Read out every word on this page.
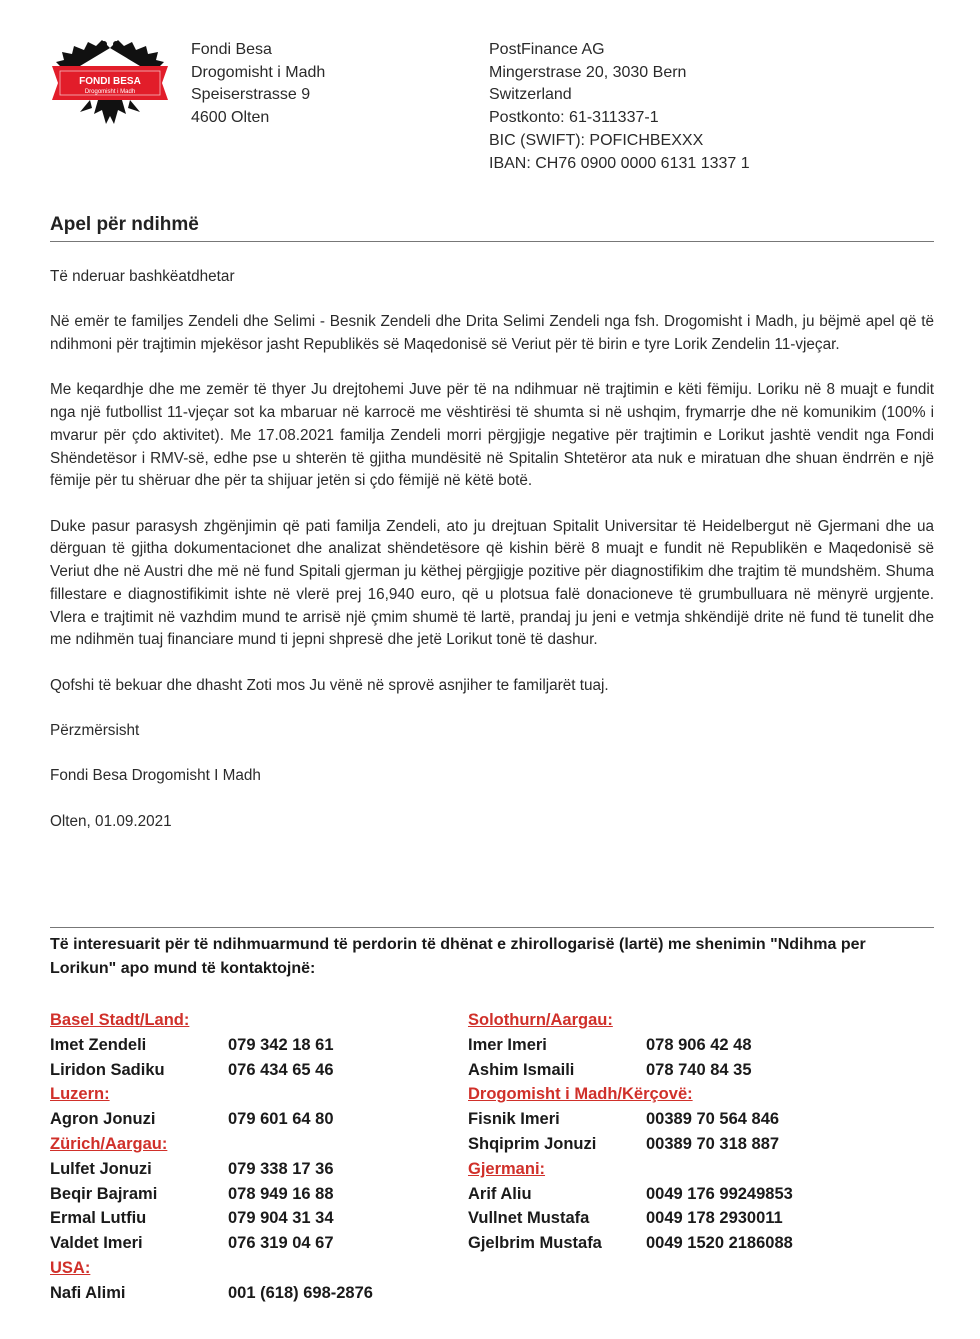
FONDI BESA
Drogomisht i Madh
Fondi Besa
Drogomisht i Madh
Speiserstrasse 9
4600 Olten
PostFinance AG
Mingerstrase 20, 3030 Bern
Switzerland
Postkonto: 61-311337-1
BIC (SWIFT): POFICHBEXXX
IBAN: CH76 0900 0000 6131 1337 1
Apel për ndihmë

Të nderuar bashkëatdhetar

Në emër te familjes Zendeli dhe Selimi - Besnik Zendeli dhe Drita Selimi Zendeli nga fsh. Drogomisht i Madh, ju bëjmë apel që të ndihmoni për trajtimin mjekësor jasht Republikës së Maqedonisë së Veriut për të birin e tyre Lorik Zendelin 11-vjeçar.

Me keqardhje dhe me zemër të thyer Ju drejtohemi Juve për të na ndihmuar në trajtimin e këti fëmiju. Loriku në 8 muajt e fundit nga një futbollist 11-vjeçar sot ka mbaruar në karrocë me vështirësi të shumta si në ushqim, frymarrje dhe në komunikim (100% i mvarur për çdo aktivitet). Me 17.08.2021 familja Zendeli morri përgjigje negative për trajtimin e Lorikut jashtë vendit nga Fondi Shëndetësor i RMV-së, edhe pse u shterën të gjitha mundësitë në Spitalin Shtetëror ata nuk e miratuan dhe shuan ëndrrën e një fëmije për tu shëruar dhe për ta shijuar jetën si çdo fëmijë në këtë botë.

Duke pasur parasysh zhgënjimin që pati familja Zendeli, ato ju drejtuan Spitalit Universitar të Heidelbergut në Gjermani dhe ua dërguan të gjitha dokumentacionet dhe analizat shëndetësore që kishin bërë 8 muajt e fundit në Republikën e Maqedonisë së Veriut dhe në Austri dhe më në fund Spitali gjerman ju këthej përgjigje pozitive për diagnostifikim dhe trajtim të mundshëm. Shuma fillestare e diagnostifikimit ishte në vlerë prej 16,940 euro, që u plotsua falë donacioneve të grumbulluara në mënyrë urgjente. Vlera e trajtimit në vazhdim mund te arrisë një çmim shumë të lartë, prandaj ju jeni e vetmja shkëndijë drite në fund të tunelit dhe me ndihmën tuaj financiare mund ti jepni shpresë dhe jetë Lorikut tonë të dashur.

Qofshi të bekuar dhe dhasht Zoti mos Ju vënë në sprovë asnjiher te familjarët tuaj.

Përzmërsisht

Fondi Besa Drogomisht I Madh

Olten, 01.09.2021

Të interesuarit për të ndihmuarmund të perdorin të dhënat e zhirollogarisë (lartë) me shenimin "Ndihma per Lorikun" apo mund të kontaktojnë:
Basel Stadt/Land:
Imet Zendeli	079 342 18 61
Liridon Sadiku	076 434 65 46
Luzern:
Agron Jonuzi	079 601 64 80
Zürich/Aargau:
Lulfet Jonuzi	079 338 17 36
Beqir Bajrami	078 949 16 88
Ermal Lutfiu	079 904 31 34
Valdet Imeri	076 319 04 67
USA:
Nafi Alimi	001 (618) 698-2876
Solothurn/Aargau:
Imer Imeri	078 906 42 48
Ashim Ismaili	078 740 84 35
Drogomisht i Madh/Kërçovë:
Fisnik Imeri	00389 70 564 846
Shqiprim Jonuzi	00389 70 318 887
Gjermani:
Arif Aliu	0049 176 99249853
Vullnet Mustafa	0049 178 2930011
Gjelbrim Mustafa	0049 1520 2186088
